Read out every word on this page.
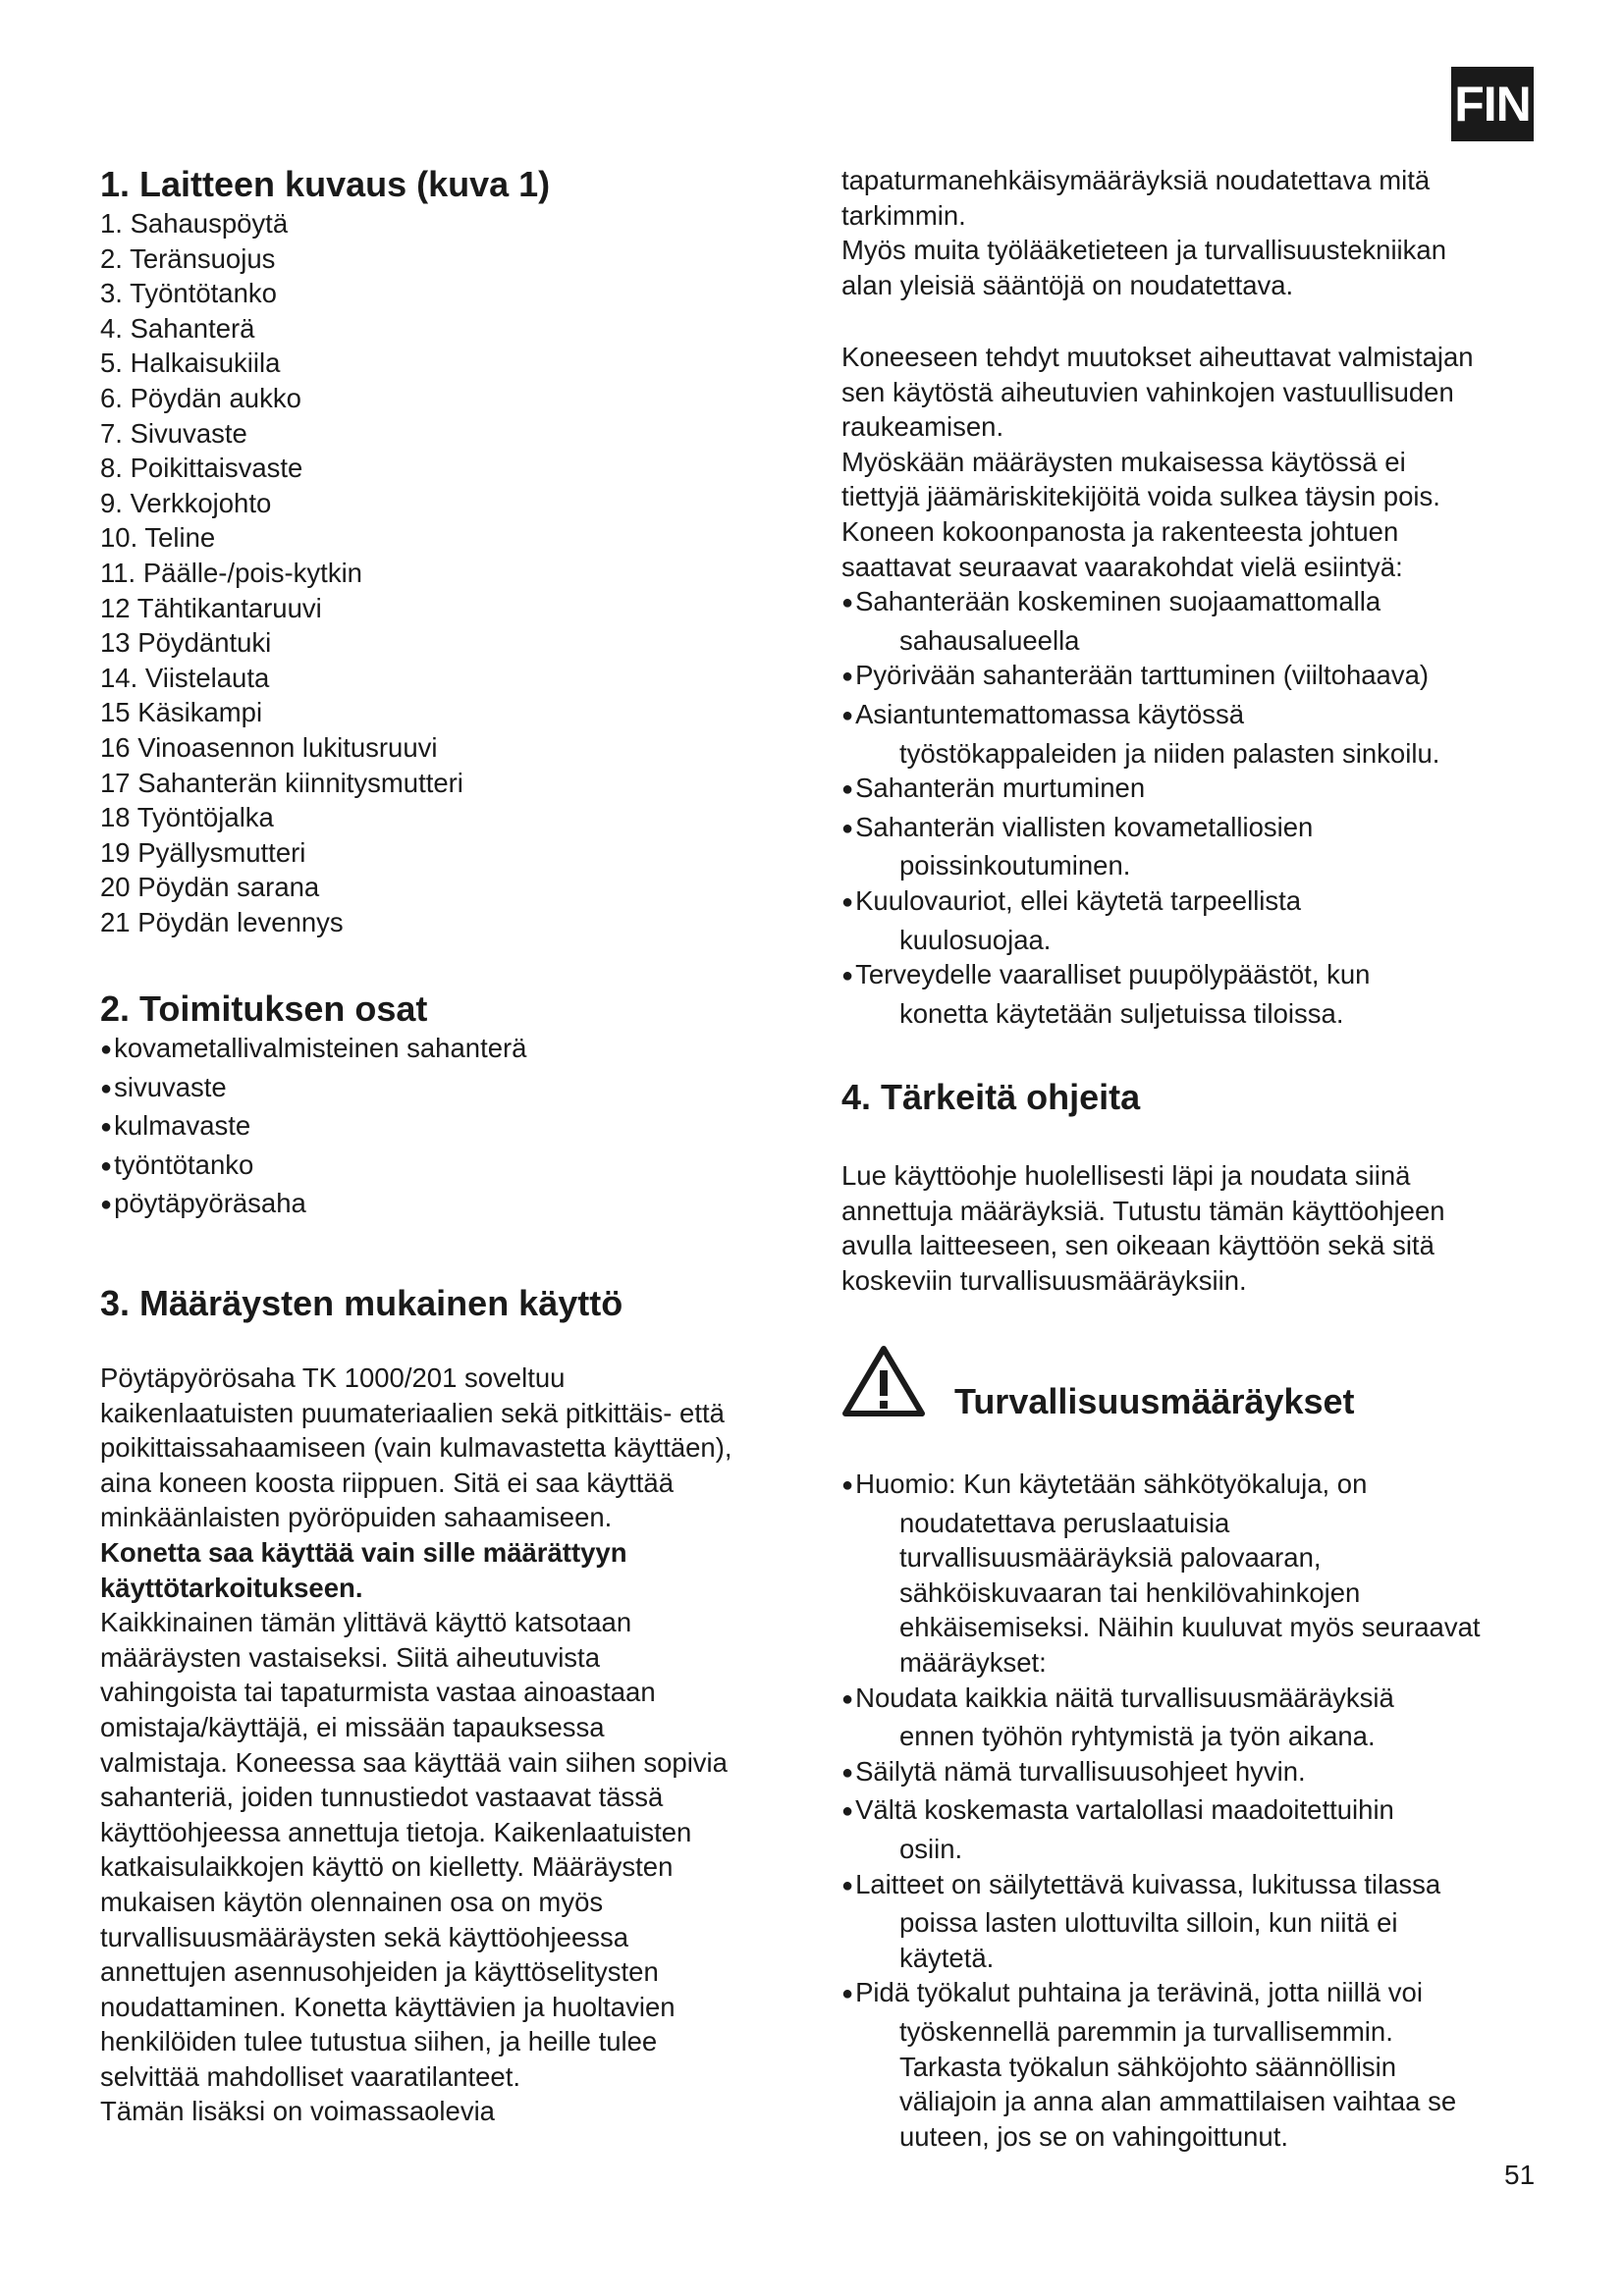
FIN
1. Laitteen kuvaus (kuva 1)
1. Sahauspöytä
2. Teränsuojus
3. Työntötanko
4. Sahanterä
5. Halkaisukiila
6. Pöydän aukko
7. Sivuvaste
8. Poikittaisvaste
9. Verkkojohto
10. Teline
11. Päälle-/pois-kytkin
12 Tähtikantaruuvi
13 Pöydäntuki
14. Viistelauta
15 Käsikampi
16 Vinoasennon lukitusruuvi
17 Sahanterän kiinnitysmutteri
18 Työntöjalka
19 Pyällysmutteri
20 Pöydän sarana
21 Pöydän levennys
2. Toimituksen osat
● kovametallivalmisteinen sahanterä
● sivuvaste
● kulmavaste
● työntötanko
● pöytäpyöräsaha
3. Määräysten mukainen käyttö
Pöytäpyörösaha TK 1000/201 soveltuu
kaikenlaatuisten puumateriaalien sekä pitkittäis- että
poikittaissahaamiseen (vain kulmavastetta käyttäen),
aina koneen koosta riippuen. Sitä ei saa käyttää
minkäänlaisten pyöröpuiden sahaamiseen.
Konetta saa käyttää vain sille määrättyyn
käyttötarkoitukseen.
Kaikkinainen tämän ylittävä käyttö katsotaan
määräysten vastaiseksi. Siitä aiheutuvista
vahingoista tai tapaturmista vastaa ainoastaan
omistaja/käyttäjä, ei missään tapauksessa
valmistaja. Koneessa saa käyttää vain siihen sopivia
sahanteriä, joiden tunnustiedot vastaavat tässä
käyttöohjeessa annettuja tietoja. Kaikenlaatuisten
katkaisulaikkojen käyttö on kielletty. Määräysten
mukaisen käytön olennainen osa on myös
turvallisuusmääräysten sekä käyttöohjeessa
annettujen asennusohjeiden ja käyttöselitysten
noudattaminen. Konetta käyttävien ja huoltavien
henkilöiden tulee tutustua siihen, ja heille tulee
selvittää mahdolliset vaaratilanteet.
Tämän lisäksi on voimassaolevia
tapaturmanehkäisymääräyksiä noudatettava mitä
tarkimmin.
Myös muita työlääketieteen ja turvallisuustekniikan
alan yleisiä sääntöjä on noudatettava.
Koneeseen tehdyt muutokset aiheuttavat valmistajan
sen käytöstä aiheutuvien vahinkojen vastuullisuden
raukeamisen.
Myöskään määräysten mukaisessa käytössä ei
tiettyjä jäämäriskitekijöitä voida sulkea täysin pois.
Koneen kokoonpanosta ja rakenteesta johtuen
saattavat seuraavat vaarakohdat vielä esiintyä:
● Sahanterään koskeminen suojaamattomalla
sahausalueella
● Pyörivään sahanterään tarttuminen (viiltohaava)
● Asiantuntemattomassa käytössä
työstökappaleiden ja niiden palasten sinkoilu.
● Sahanterän murtuminen
● Sahanterän viallisten kovametalliosien
poissinkoutuminen.
● Kuulovauriot, ellei käytetä tarpeellista
kuulosuojaa.
● Terveydelle vaaralliset puupölypäästöt, kun
konetta käytetään suljetuissa tiloissa.
4. Tärkeitä ohjeita
Lue käyttöohje huolellisesti läpi ja noudata siinä
annettuja määräyksiä. Tutustu tämän käyttöohjeen
avulla laitteeseen, sen oikeaan käyttöön sekä sitä
koskeviin turvallisuusmääräyksiin.
Turvallisuusmääräykset
● Huomio: Kun käytetään sähkötyökaluja, on
noudatettava peruslaatuisia
turvallisuusmääräyksiä palovaaran,
sähköiskuvaaran tai henkilövahinkojen
ehkäisemiseksi. Näihin kuuluvat myös seuraavat
määräykset:
● Noudata kaikkia näitä turvallisuusmääräyksiä
ennen työhön ryhtymistä ja työn aikana.
● Säilytä nämä turvallisuusohjeet hyvin.
● Vältä koskemasta vartalollasi maadoitettuihin
osiin.
● Laitteet on säilytettävä kuivassa, lukitussa tilassa
poissa lasten ulottuvilta silloin, kun niitä ei
käytetä.
● Pidä työkalut puhtaina ja terävinä, jotta niillä voi
työskennellä paremmin ja turvallisemmin.
Tarkasta työkalun sähköjohto säännöllisin
väliajoin ja anna alan ammattilaisen vaihtaa se
uuteen, jos se on vahingoittunut.
51
